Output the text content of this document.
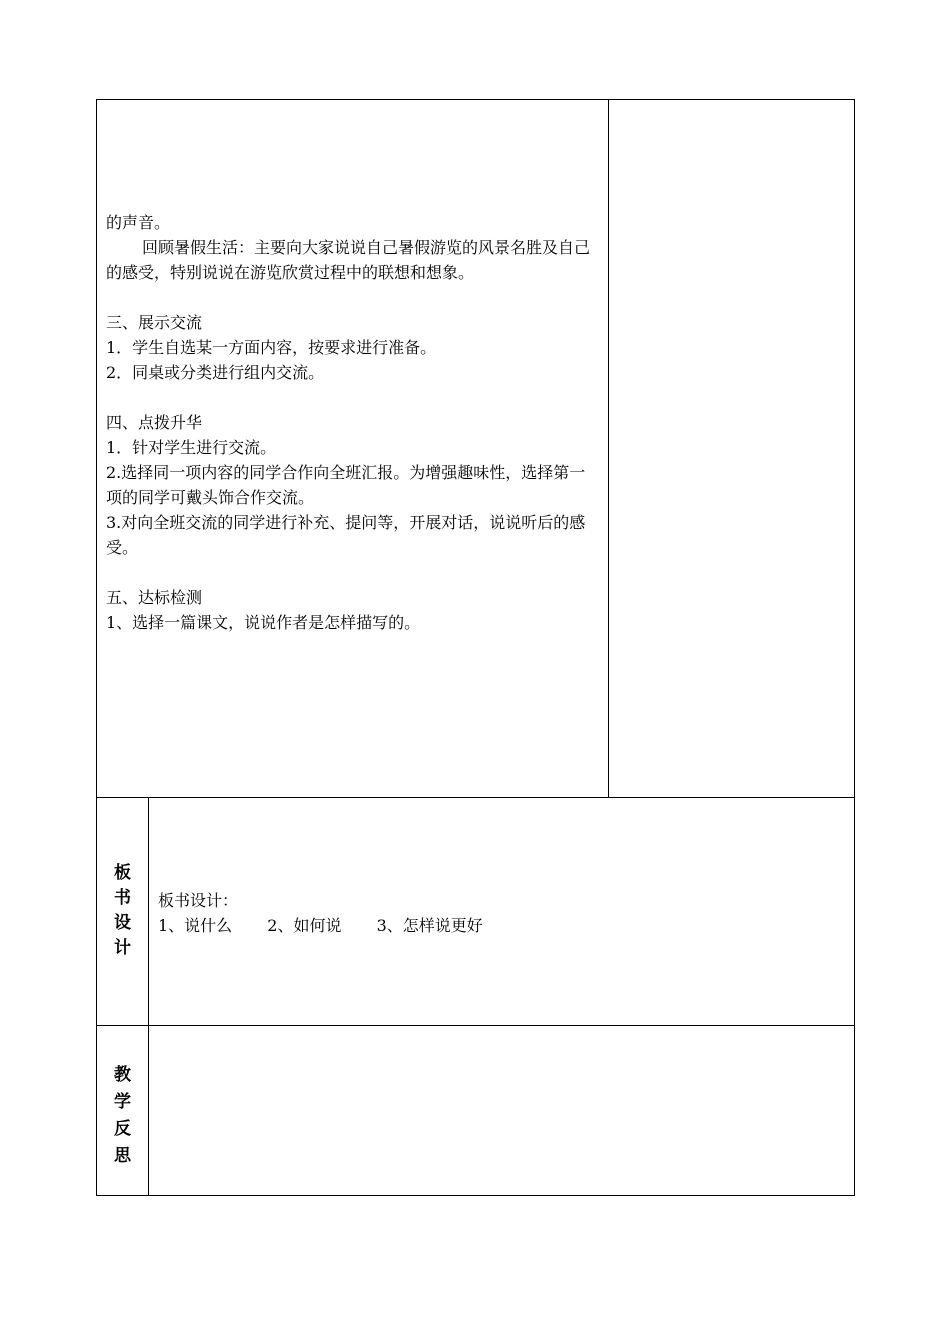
的声音。

回顾暑假生活：主要向大家说说自己暑假游览的风景名胜及自己的感受，特别说说在游览欣赏过程中的联想和想象。

三、展示交流

1．学生自选某一方面内容，按要求进行准备。

2．同桌或分类进行组内交流。

四、点拨升华

1．针对学生进行交流。

2.选择同一项内容的同学合作向全班汇报。为增强趣味性，选择第一项的同学可戴头饰合作交流。

3.对向全班交流的同学进行补充、提问等，开展对话，说说听后的感受。

五、达标检测

1、选择一篇课文，说说作者是怎样描写的。

板
书
设
计

板书设计：

1、说什么 2、如何说 3、怎样说更好

教
学
反
思
